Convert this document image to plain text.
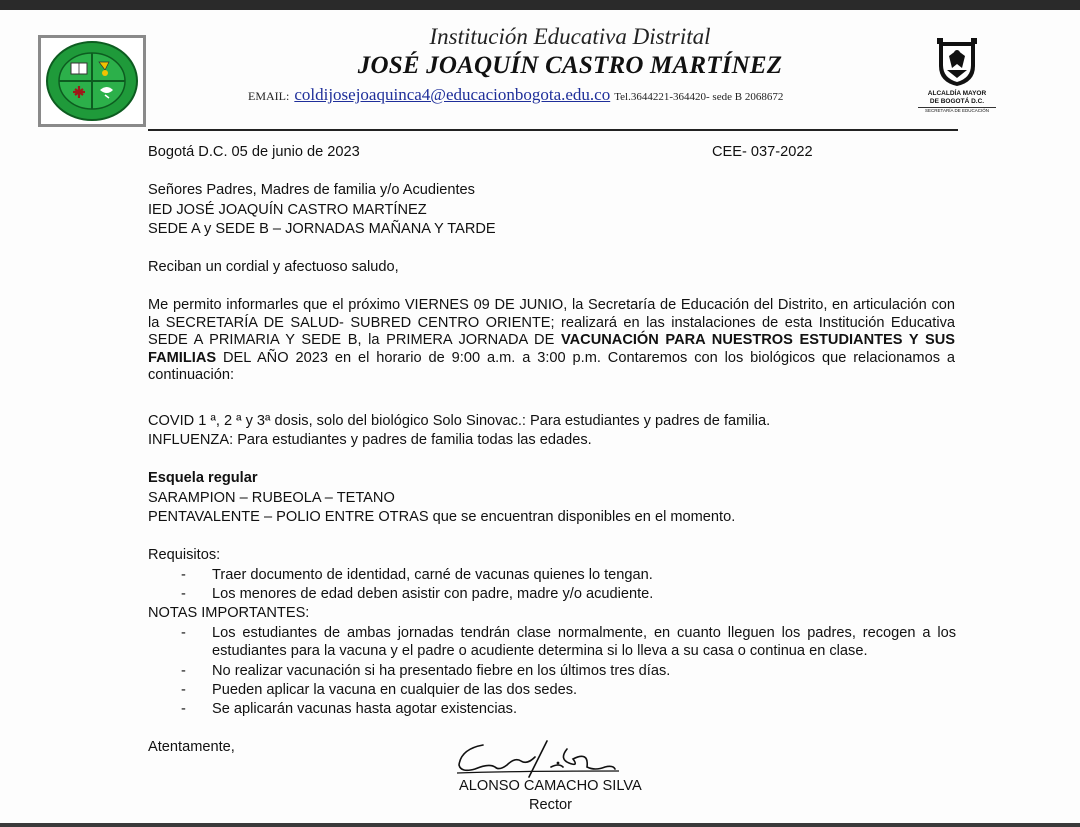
Institución Educativa Distrital
JOSÉ JOAQUÍN CASTRO MARTÍNEZ
EMAIL: coldijosejoaquinca4@educacionbogota.edu.co Tel.3644221-364420- sede B 2068672	ALCALDÍA MAYOR
DE BOGOTÁ D.C.
SECRETARÍA DE EDUCACIÓN
Bogotá D.C. 05 de junio de 2023	CEE- 037-2022
Señores Padres, Madres de familia y/o Acudientes
IED JOSÉ JOAQUÍN CASTRO MARTÍNEZ
SEDE A y SEDE B – JORNADAS MAÑANA Y TARDE
Reciban un cordial y afectuoso saludo,
Me permito informarles que el próximo VIERNES 09 DE JUNIO, la Secretaría de Educación del Distrito, en articulación con la SECRETARÍA DE SALUD- SUBRED CENTRO ORIENTE; realizará en las instalaciones de esta Institución Educativa SEDE A PRIMARIA Y SEDE B, la PRIMERA JORNADA DE VACUNACIÓN PARA NUESTROS ESTUDIANTES Y SUS FAMILIAS DEL AÑO 2023 en el horario de 9:00 a.m. a 3:00 p.m. Contaremos con los biológicos que relacionamos a continuación:
COVID 1 ª, 2 ª y 3ª dosis, solo del biológico Solo Sinovac.: Para estudiantes y padres de familia.
INFLUENZA: Para estudiantes y padres de familia todas las edades.
Esquela regular
SARAMPION – RUBEOLA – TETANO
PENTAVALENTE – POLIO ENTRE OTRAS que se encuentran disponibles en el momento.
Requisitos:
- Traer documento de identidad, carné de vacunas quienes lo tengan.
- Los menores de edad deben asistir con padre, madre y/o acudiente.
NOTAS IMPORTANTES:
- Los estudiantes de ambas jornadas tendrán clase normalmente, en cuanto lleguen los padres, recogen a los estudiantes para la vacuna y el padre o acudiente determina si lo lleva a su casa o continua en clase.
- No realizar vacunación si ha presentado fiebre en los últimos tres días.
- Pueden aplicar la vacuna en cualquier de las dos sedes.
- Se aplicarán vacunas hasta agotar existencias.
Atentamente,
ALONSO CAMACHO SILVA
Rector
